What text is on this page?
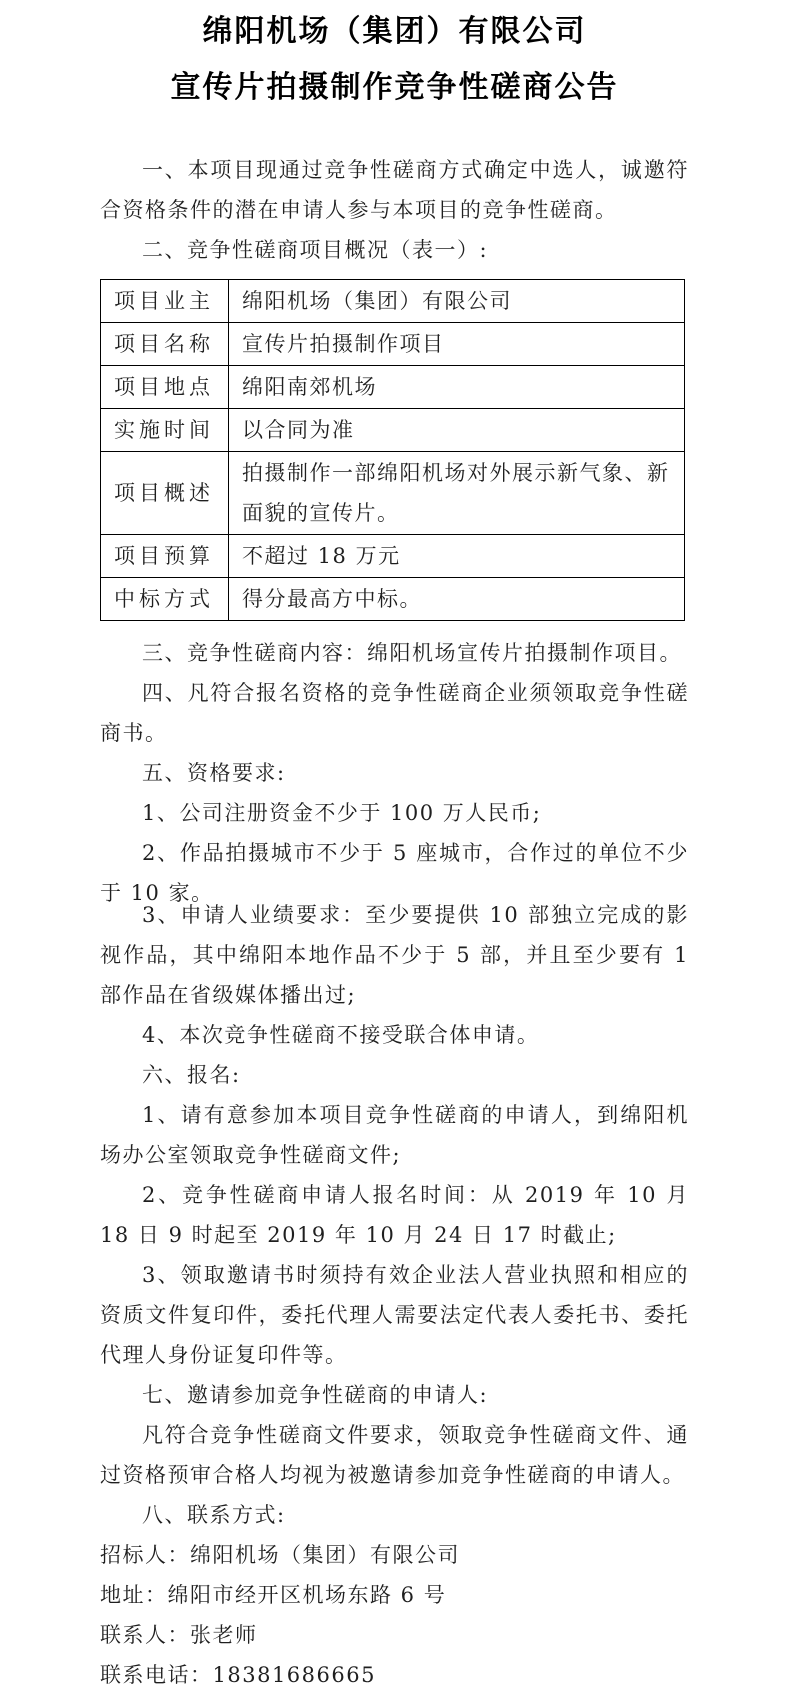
绵阳机场（集团）有限公司
宣传片拍摄制作竞争性磋商公告

一、本项目现通过竞争性磋商方式确定中选人，诚邀符合资格条件的潜在申请人参与本项目的竞争性磋商。

二、竞争性磋商项目概况（表一）:

项目业主	绵阳机场（集团）有限公司
项目名称	宣传片拍摄制作项目
项目地点	绵阳南郊机场
实施时间	以合同为准
项目概述	拍摄制作一部绵阳机场对外展示新气象、新面貌的宣传片。
项目预算	不超过 18 万元
中标方式	得分最高方中标。

三、竞争性磋商内容：绵阳机场宣传片拍摄制作项目。

四、凡符合报名资格的竞争性磋商企业须领取竞争性磋商书。

五、资格要求:

1、公司注册资金不少于 100 万人民币;

2、作品拍摄城市不少于 5 座城市，合作过的单位不少于 10 家。

3、申请人业绩要求：至少要提供 10 部独立完成的影视作品，其中绵阳本地作品不少于 5 部，并且至少要有 1 部作品在省级媒体播出过;

4、本次竞争性磋商不接受联合体申请。

六、报名:

1、请有意参加本项目竞争性磋商的申请人，到绵阳机场办公室领取竞争性磋商文件;

2、竞争性磋商申请人报名时间：从 2019 年 10 月 18 日 9 时起至 2019 年 10 月 24 日 17 时截止;

3、领取邀请书时须持有效企业法人营业执照和相应的资质文件复印件，委托代理人需要法定代表人委托书、委托代理人身份证复印件等。

七、邀请参加竞争性磋商的申请人:

凡符合竞争性磋商文件要求，领取竞争性磋商文件、通过资格预审合格人均视为被邀请参加竞争性磋商的申请人。

八、联系方式:

招标人：绵阳机场（集团）有限公司

地址：绵阳市经开区机场东路 6 号

联系人：张老师

联系电话：18381686665
